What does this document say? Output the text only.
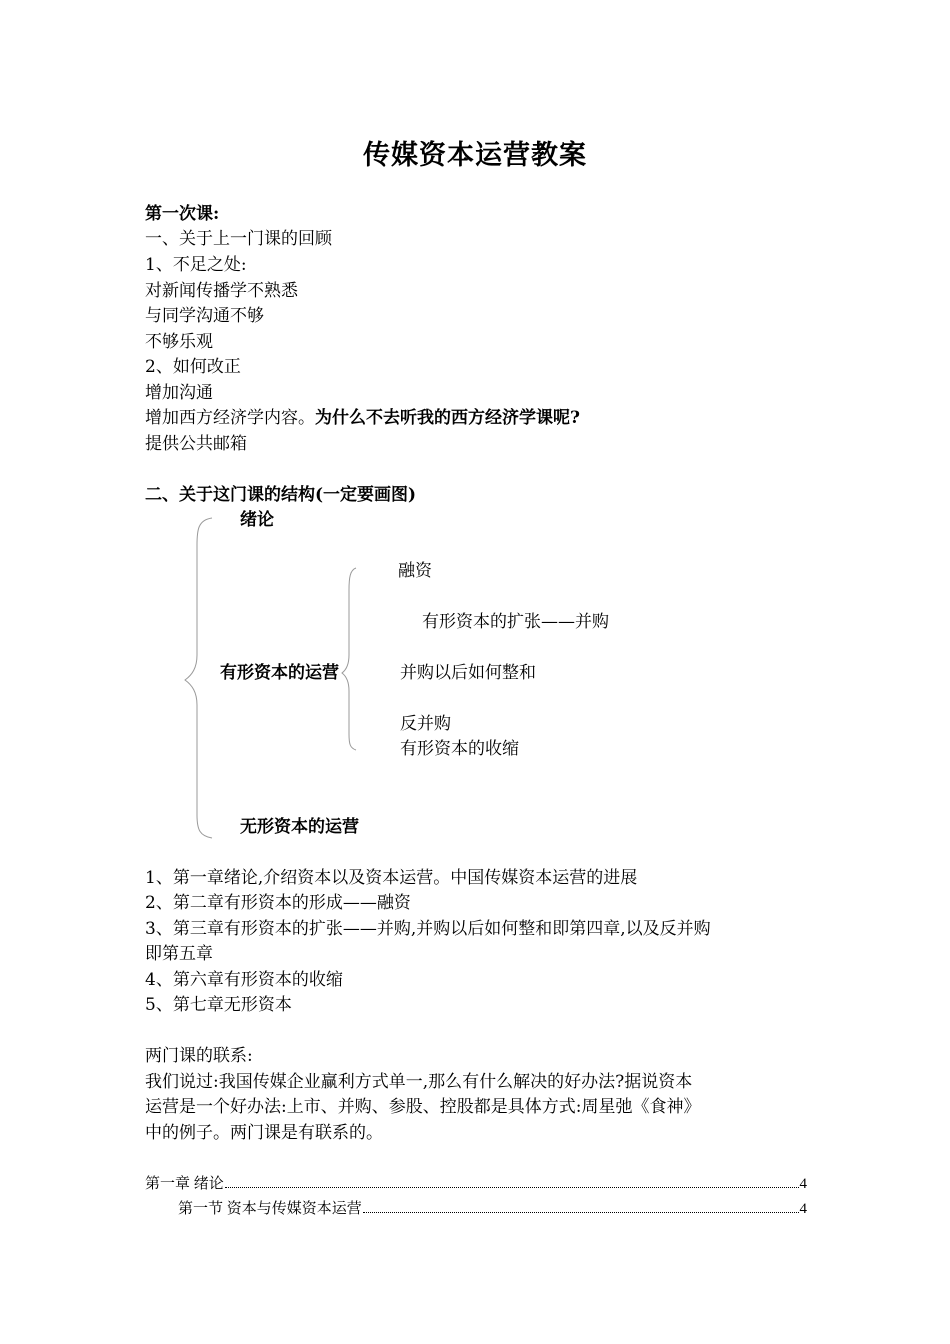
传媒资本运营教案
第一次课:
一、关于上一门课的回顾
1、不足之处:
对新闻传播学不熟悉
与同学沟通不够
不够乐观
2、如何改正
增加沟通
增加西方经济学内容。为什么不去听我的西方经济学课呢?
提供公共邮箱
二、关于这门课的结构(一定要画图)
绪论
有形资本的运营
无形资本的运营
融资
有形资本的扩张——并购
并购以后如何整和
反并购
有形资本的收缩
1、第一章绪论,介绍资本以及资本运营。中国传媒资本运营的进展
2、第二章有形资本的形成——融资
3、第三章有形资本的扩张——并购,并购以后如何整和即第四章,以及反并购
即第五章
4、第六章有形资本的收缩
5、第七章无形资本
两门课的联系:
我们说过:我国传媒企业赢利方式单一,那么有什么解决的好办法?据说资本
运营是一个好办法:上市、并购、参股、控股都是具体方式:周星弛《食神》
中的例子。两门课是有联系的。
第一章 绪论	4
第一节 资本与传媒资本运营	4
